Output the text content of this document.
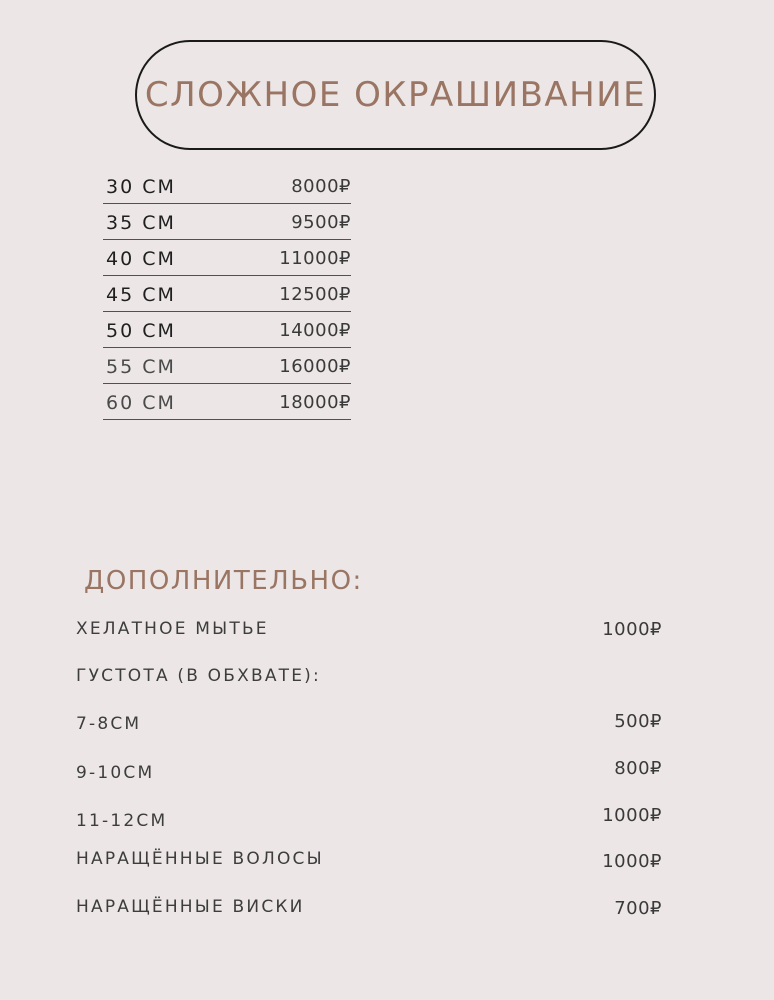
СЛОЖНОЕ ОКРАШИВАНИЕ
30 СМ	8000₽
35 СМ	9500₽
40 СМ	11000₽
45 СМ	12500₽
50 СМ	14000₽
55 СМ	16000₽
60 СМ	18000₽
ДОПОЛНИТЕЛЬНО:
ХЕЛАТНОЕ МЫТЬЕ	1000₽
ГУСТОТА (В ОБХВАТЕ):
7-8СМ	500₽
9-10СМ	800₽
11-12СМ	1000₽
НАРАЩЁННЫЕ ВОЛОСЫ	1000₽
НАРАЩЁННЫЕ ВИСКИ	700₽
